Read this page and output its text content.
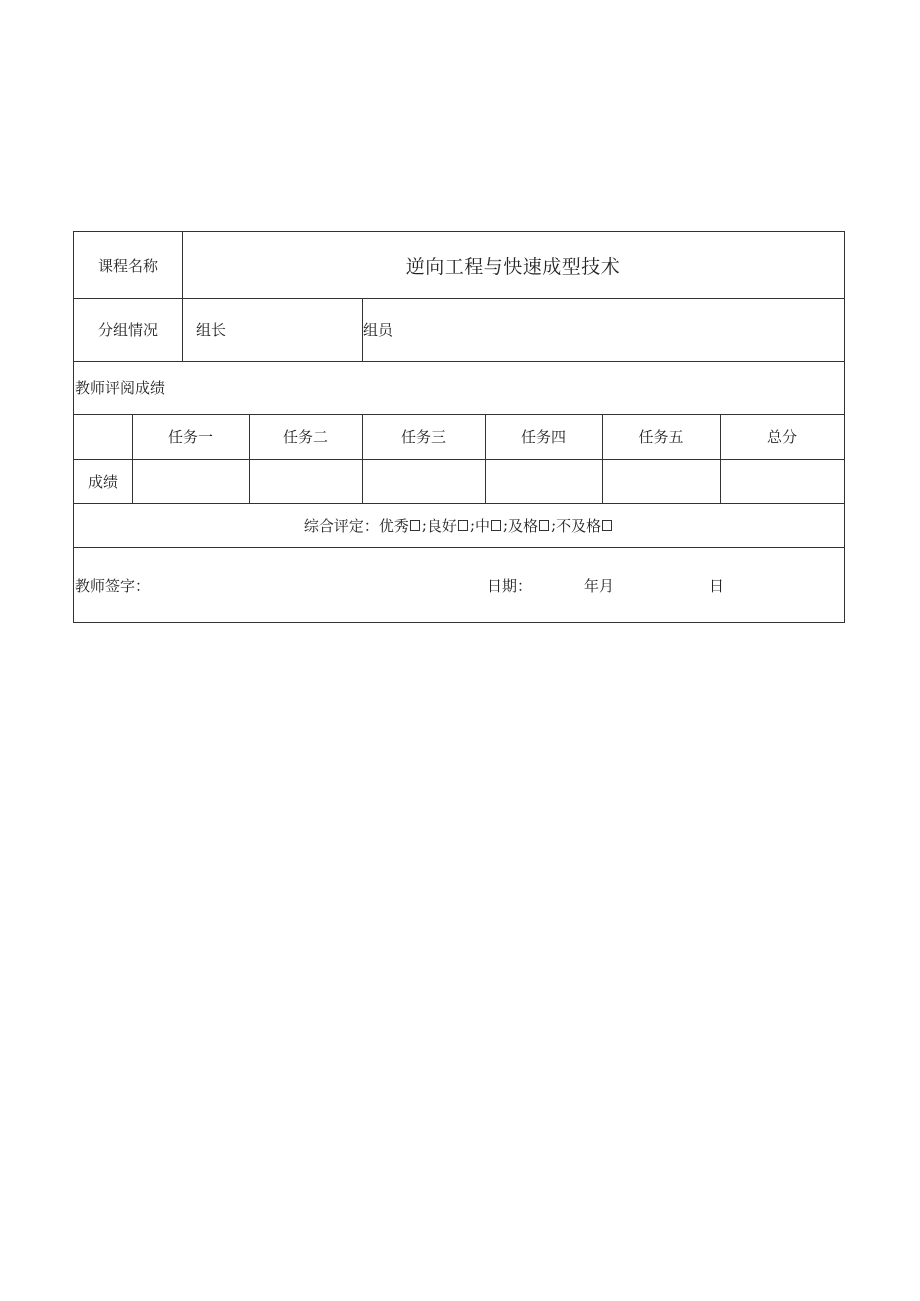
课程名称	逆向工程与快速成型技术
分组情况	组长	组员
教师评阅成绩
任务一	任务二	任务三	任务四	任务五	总分
成绩
综合评定： 优秀 ; 良好 ; 中 ; 及格 ; 不及格
教师签字：	日期：	年月	日
